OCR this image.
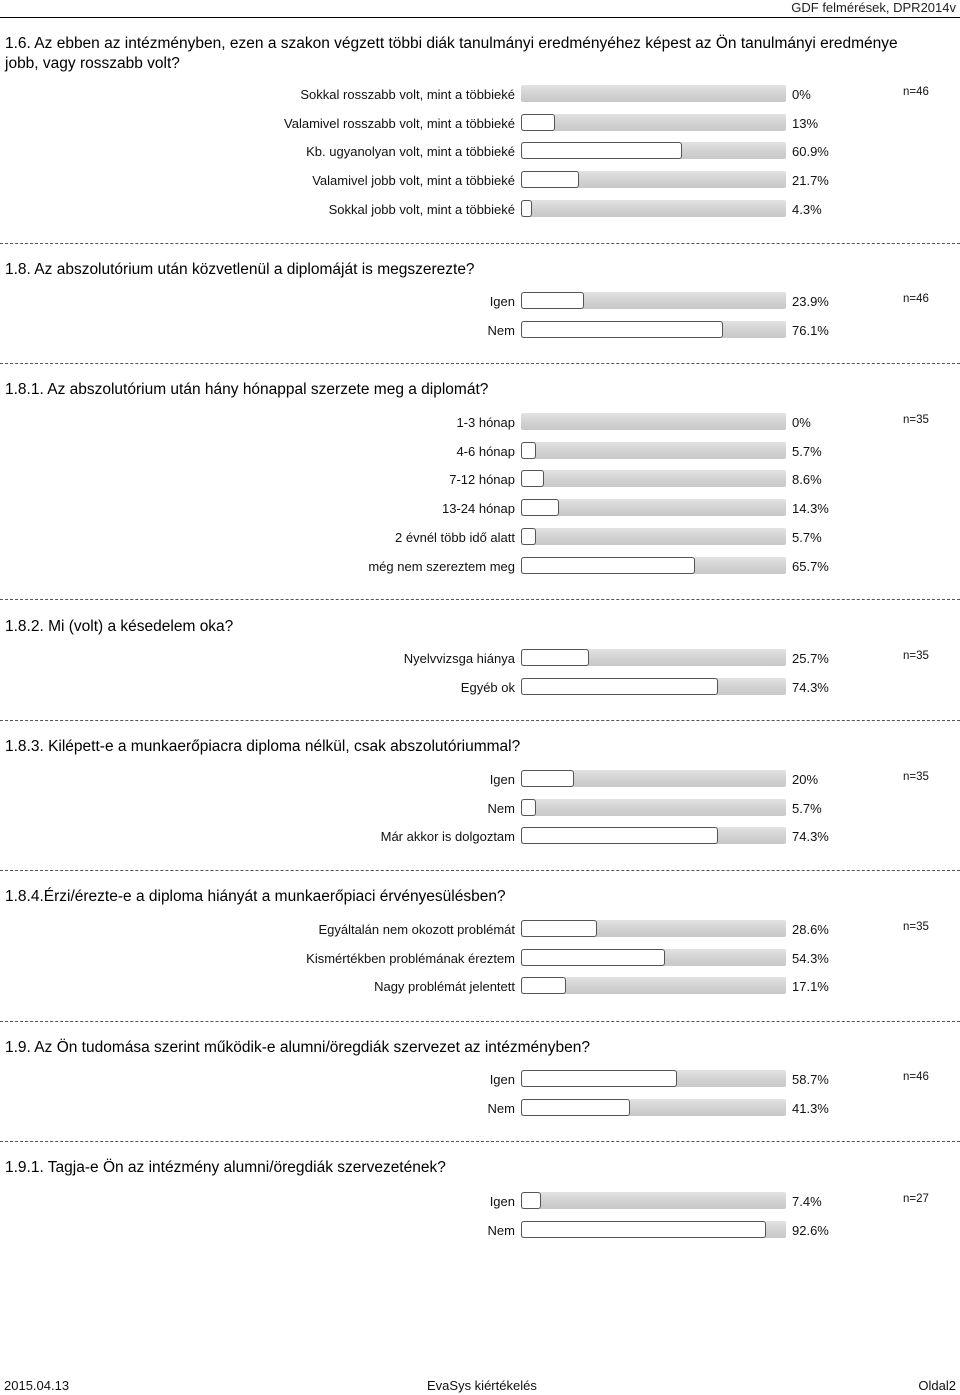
GDF felmérések, DPR2014v
1.6. Az ebben az intézményben, ezen a szakon végzett többi diák tanulmányi eredményéhez képest az Ön tanulmányi eredménye jobb, vagy rosszabb volt?
n=46
Sokkal rosszabb volt, mint a többieké	0%
Valamivel rosszabb volt, mint a többieké	13%
Kb. ugyanolyan volt, mint a többieké	60.9%
Valamivel jobb volt, mint a többieké	21.7%
Sokkal jobb volt, mint a többieké	4.3%
1.8. Az abszolutórium után közvetlenül a diplomáját is megszerezte?
n=46
Igen	23.9%
Nem	76.1%
1.8.1. Az abszolutórium után hány hónappal szerzete meg a diplomát?
n=35
1-3 hónap	0%
4-6 hónap	5.7%
7-12 hónap	8.6%
13-24 hónap	14.3%
2 évnél több idő alatt	5.7%
még nem szereztem meg	65.7%
1.8.2. Mi (volt) a késedelem oka?
n=35
Nyelvvizsga hiánya	25.7%
Egyéb ok	74.3%
1.8.3. Kilépett-e a munkaerőpiacra diploma nélkül, csak abszolutóriummal?
n=35
Igen	20%
Nem	5.7%
Már akkor is dolgoztam	74.3%
1.8.4.Érzi/érezte-e a diploma hiányát a munkaerőpiaci érvényesülésben?
n=35
Egyáltalán nem okozott problémát	28.6%
Kismértékben problémának éreztem	54.3%
Nagy problémát jelentett	17.1%
1.9. Az Ön tudomása szerint működik-e alumni/öregdiák szervezet az intézményben?
n=46
Igen	58.7%
Nem	41.3%
1.9.1. Tagja-e Ön az intézmény alumni/öregdiák szervezetének?
n=27
Igen	7.4%
Nem	92.6%
2015.04.13	EvaSys kiértékelés	Oldal2
